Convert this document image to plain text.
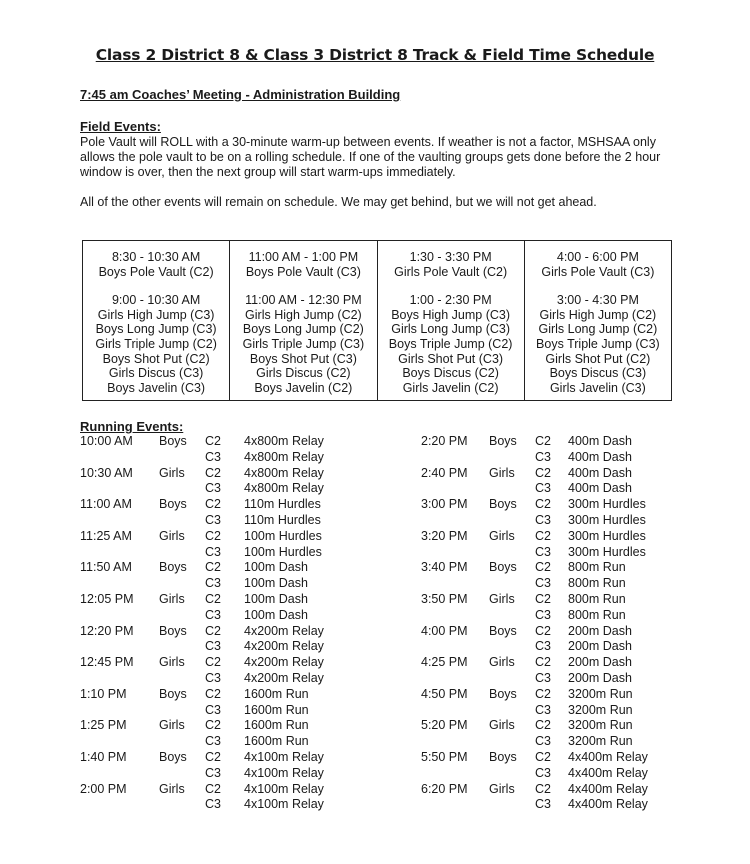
Class 2 District 8 & Class 3 District 8 Track & Field Time Schedule
7:45 am Coaches’ Meeting - Administration Building
Field Events:
Pole Vault will ROLL with a 30-minute warm-up between events. If weather is not a factor, MSHSAA only
allows the pole vault to be on a rolling schedule. If one of the vaulting groups gets done before the 2 hour
window is over, then the next group will start warm-ups immediately.
All of the other events will remain on schedule. We may get behind, but we will not get ahead.
8:30 - 10:30 AM
Boys Pole Vault (C2)
9:00 - 10:30 AM
Girls High Jump (C3)
Boys Long Jump (C3)
Girls Triple Jump (C2)
Boys Shot Put (C2)
Girls Discus (C3)
Boys Javelin (C3)

11:00 AM - 1:00 PM
Boys Pole Vault (C3)
11:00 AM - 12:30 PM
Girls High Jump (C2)
Boys Long Jump (C2)
Girls Triple Jump (C3)
Boys Shot Put (C3)
Girls Discus (C2)
Boys Javelin (C2)

1:30 - 3:30 PM
Girls Pole Vault (C2)
1:00 - 2:30 PM
Boys High Jump (C3)
Girls Long Jump (C3)
Boys Triple Jump (C2)
Girls Shot Put (C3)
Boys Discus (C2)
Girls Javelin (C2)

4:00 - 6:00 PM
Girls Pole Vault (C3)
3:00 - 4:30 PM
Girls High Jump (C2)
Girls Long Jump (C2)
Boys Triple Jump (C3)
Girls Shot Put (C2)
Boys Discus (C3)
Girls Javelin (C3)
Running Events:
10:00 AM Boys C2 4x800m Relay
C3 4x800m Relay
10:30 AM Girls C2 4x800m Relay
C3 4x800m Relay
11:00 AM Boys C2 110m Hurdles
C3 110m Hurdles
11:25 AM Girls C2 100m Hurdles
C3 100m Hurdles
11:50 AM Boys C2 100m Dash
C3 100m Dash
12:05 PM Girls C2 100m Dash
C3 100m Dash
12:20 PM Boys C2 4x200m Relay
C3 4x200m Relay
12:45 PM Girls C2 4x200m Relay
C3 4x200m Relay
1:10 PM	Boys C2 1600m Run
C3 1600m Run
1:25 PM	Girls C2 1600m Run
C3 1600m Run
1:40 PM	Boys C2 4x100m Relay
C3 4x100m Relay
2:00 PM	Girls C2 4x100m Relay
C3 4x100m Relay
2:20 PM Boys C2 400m Dash
C3 400m Dash
2:40 PM Girls C2 400m Dash
C3 400m Dash
3:00 PM Boys C2 300m Hurdles
C3 300m Hurdles
3:20 PM Girls C2 300m Hurdles
C3 300m Hurdles
3:40 PM Boys C2 800m Run
C3 800m Run
3:50 PM Girls C2 800m Run
C3 800m Run
4:00 PM Boys C2 200m Dash
C3 200m Dash
4:25 PM Girls C2 200m Dash
C3 200m Dash
4:50 PM Boys C2 3200m Run
C3 3200m Run
5:20 PM Girls C2 3200m Run
C3 3200m Run
5:50 PM Boys C2 4x400m Relay
C3 4x400m Relay
6:20 PM Girls C2 4x400m Relay
C3 4x400m Relay
